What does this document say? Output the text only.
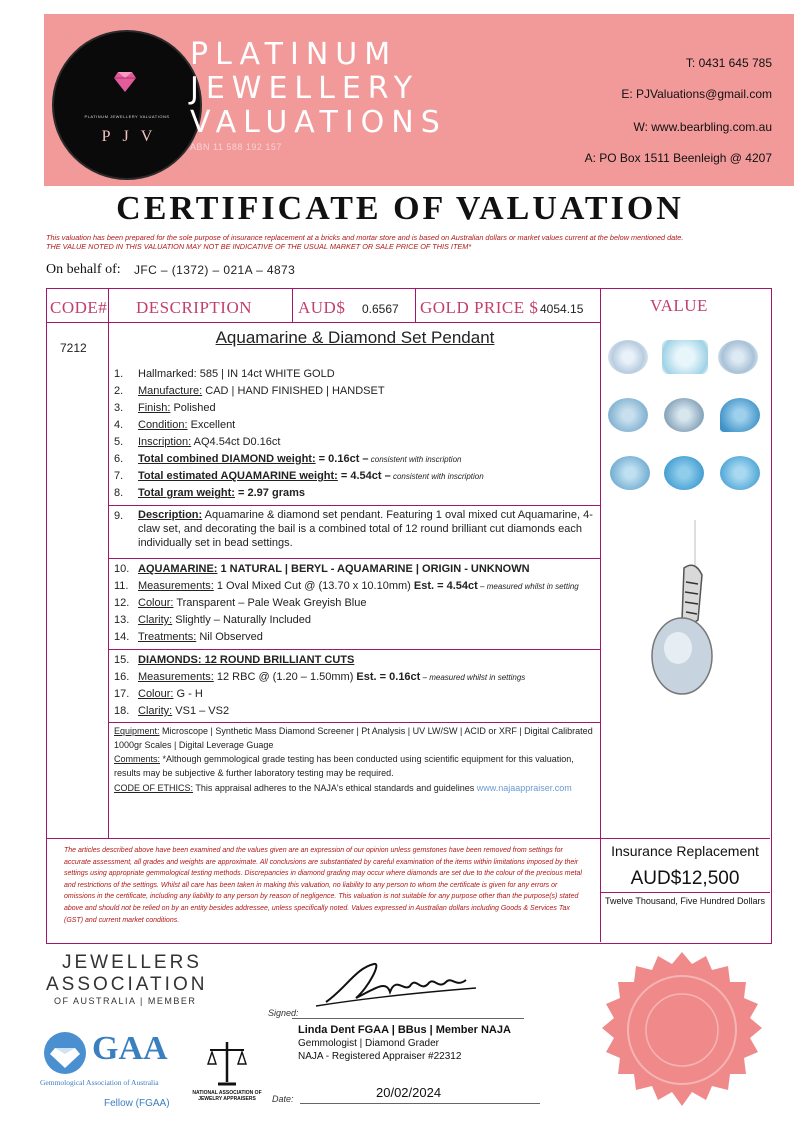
PLATINUM JEWELLERY VALUATIONS
PJV
PLATINUM
JEWELLERY
VALUATIONS
ABN 11 588 192 157
T: 0431 645 785
E: PJValuations@gmail.com
W: www.bearbling.com.au
A: PO Box 1511 Beenleigh @ 4207
CERTIFICATE OF VALUATION
This valuation has been prepared for the sole purpose of insurance replacement at a bricks and mortar store and is based on Australian dollars or market values current at the below mentioned date.
THE VALUE NOTED IN THIS VALUATION MAY NOT BE INDICATIVE OF THE USUAL MARKET OR SALE PRICE OF THIS ITEM*
On behalf of: JFC – (1372) – 021A – 4873
CODE# DESCRIPTION	AUD$ 0.6567 GOLD PRICE $ 4054.15	VALUE
7212
Aquamarine & Diamond Set Pendant
1. Hallmarked: 585 | IN 14ct WHITE GOLD
2. Manufacture: CAD | HAND FINISHED | HANDSET
3. Finish: Polished
4. Condition: Excellent
5. Inscription: AQ4.54ct D0.16ct
6. Total combined DIAMOND weight: = 0.16ct – consistent with inscription
7. Total estimated AQUAMARINE weight: = 4.54ct – consistent with inscription
8. Total gram weight: = 2.97 grams
9.	Description: Aquamarine & diamond set pendant. Featuring 1 oval mixed cut Aquamarine, 4-claw set, and decorating the bail is a combined total of 12 round brilliant cut diamonds each individually set in bead settings.
10. AQUAMARINE: 1 NATURAL | BERYL - AQUAMARINE | ORIGIN - UNKNOWN
11. Measurements: 1 Oval Mixed Cut @ (13.70 x 10.10mm) Est. = 4.54ct – measured whilst in setting
12. Colour: Transparent – Pale Weak Greyish Blue
13. Clarity: Slightly – Naturally Included
14. Treatments: Nil Observed
15. DIAMONDS: 12 ROUND BRILLIANT CUTS
16. Measurements: 12 RBC @ (1.20 – 1.50mm) Est. = 0.16ct – measured whilst in settings
17. Colour: G - H
18. Clarity: VS1 – VS2
Equipment: Microscope | Synthetic Mass Diamond Screener | Pt Analysis | UV LW/SW | ACID or XRF | Digital Calibrated 1000gr Scales | Digital Leverage Guage
Comments: *Although gemmological grade testing has been conducted using scientific equipment for this valuation, results may be subjective & further laboratory testing may be required.
CODE OF ETHICS: This appraisal adheres to the NAJA's ethical standards and guidelines www.najaappraiser.com
The articles described above have been examined and the values given are an expression of our opinion unless gemstones have been removed from settings for accurate assessment, all grades and weights are approximate. All conclusions are substantiated by careful examination of the items within limitations imposed by their settings using appropriate gemmological testing methods. Discrepancies in diamond grading may occur where diamonds are set due to the colour of the precious metal and restrictions of the settings. Whilst all care has been taken in making this valuation, no liability to any person to whom the certificate is given for any errors or omissions in the certificate, including any liability to any person by reason of negligence. This valuation is not suitable for any purpose other than the purpose(s) stated above and should not be relied on by an entity besides addressee, unless specifically noted. Values expressed in Australian dollars including Goods & Services Tax (GST) and current market conditions.
Insurance Replacement
AUD$12,500
Twelve Thousand, Five Hundred Dollars
JEWELLERS
ASSOCIATION
OF AUSTRALIA | MEMBER
GAA
Gemmological Association of Australia
Fellow (FGAA)
NATIONAL ASSOCIATION OF JEWELRY APPRAISERS
Signed:
Linda Dent FGAA | BBus | Member NAJA
Gemmologist | Diamond Grader
NAJA - Registered Appraiser #22312
Date:	20/02/2024
